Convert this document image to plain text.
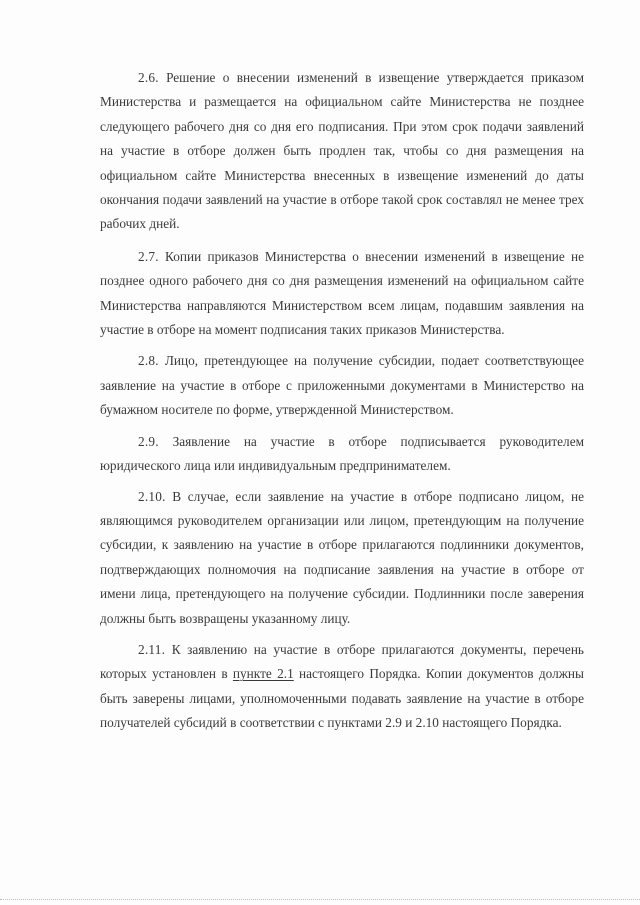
2.6. Решение о внесении изменений в извещение утверждается приказом Министерства и размещается на официальном сайте Министерства не позднее следующего рабочего дня со дня его подписания. При этом срок подачи заявлений на участие в отборе должен быть продлен так, чтобы со дня размещения на официальном сайте Министерства внесенных в извещение изменений до даты окончания подачи заявлений на участие в отборе такой срок составлял не менее трех рабочих дней.

2.7. Копии приказов Министерства о внесении изменений в извещение не позднее одного рабочего дня со дня размещения изменений на официальном сайте Министерства направляются Министерством всем лицам, подавшим заявления на участие в отборе на момент подписания таких приказов Министерства.

2.8. Лицо, претендующее на получение субсидии, подает соответствующее заявление на участие в отборе с приложенными документами в Министерство на бумажном носителе по форме, утвержденной Министерством.

2.9. Заявление на участие в отборе подписывается руководителем юридического лица или индивидуальным предпринимателем.

2.10. В случае, если заявление на участие в отборе подписано лицом, не являющимся руководителем организации или лицом, претендующим на получение субсидии, к заявлению на участие в отборе прилагаются подлинники документов, подтверждающих полномочия на подписание заявления на участие в отборе от имени лица, претендующего на получение субсидии. Подлинники после заверения должны быть возвращены указанному лицу.

2.11. К заявлению на участие в отборе прилагаются документы, перечень которых установлен в пункте 2.1 настоящего Порядка. Копии документов должны быть заверены лицами, уполномоченными подавать заявление на участие в отборе получателей субсидий в соответствии с пунктами 2.9 и 2.10 настоящего Порядка.
